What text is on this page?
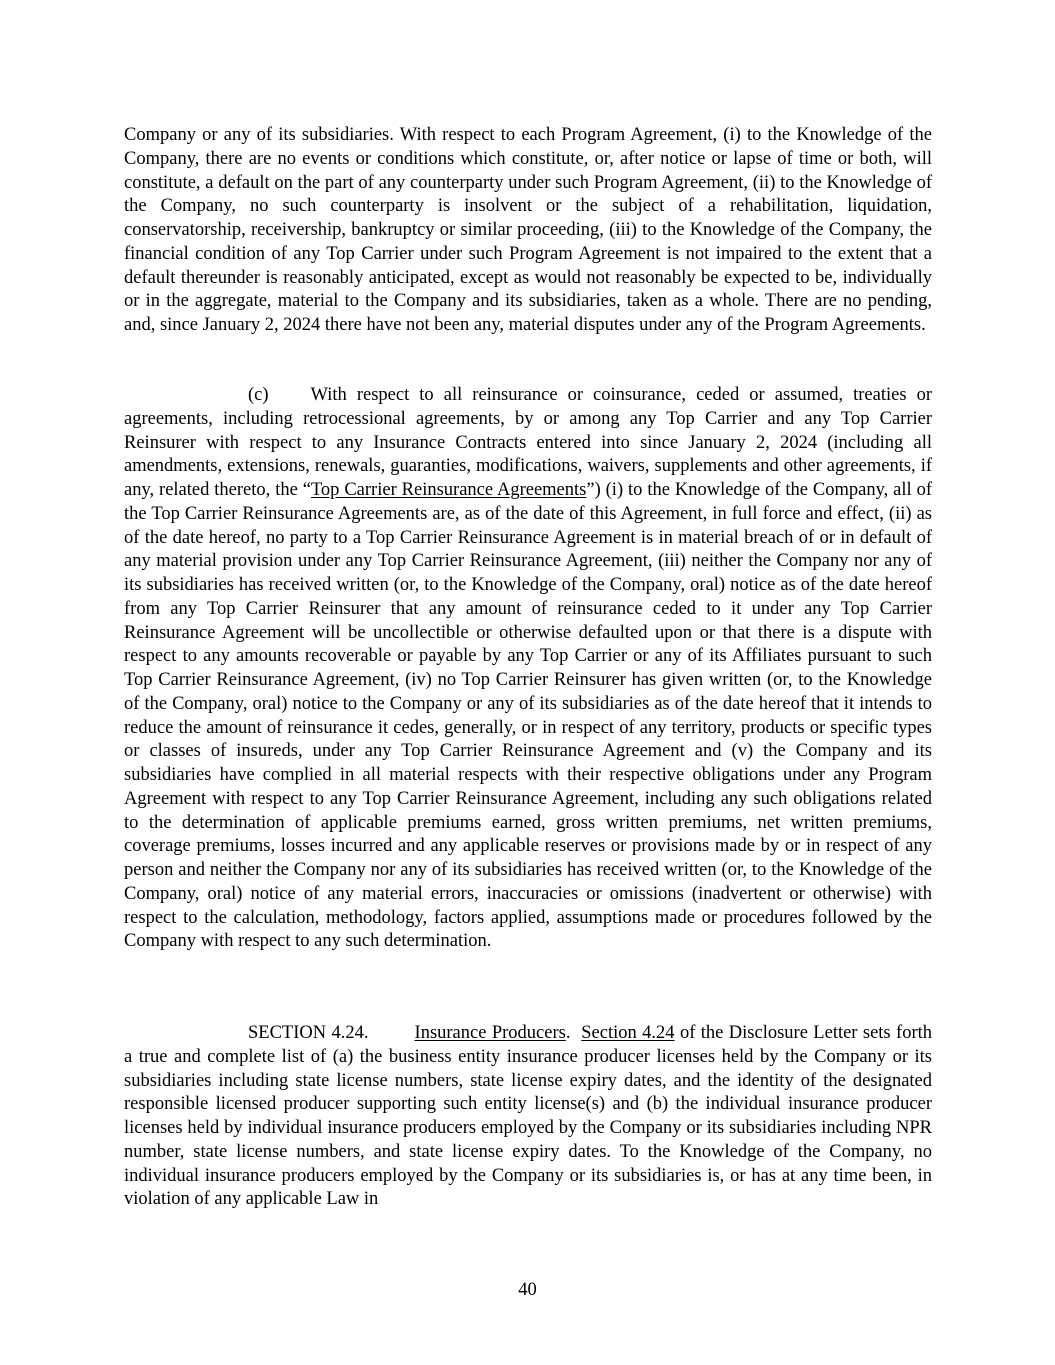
Company or any of its subsidiaries. With respect to each Program Agreement, (i) to the Knowledge of the Company, there are no events or conditions which constitute, or, after notice or lapse of time or both, will constitute, a default on the part of any counterparty under such Program Agreement, (ii) to the Knowledge of the Company, no such counterparty is insolvent or the subject of a rehabilitation, liquidation, conservatorship, receivership, bankruptcy or similar proceeding, (iii) to the Knowledge of the Company, the financial condition of any Top Carrier under such Program Agreement is not impaired to the extent that a default thereunder is reasonably anticipated, except as would not reasonably be expected to be, individually or in the aggregate, material to the Company and its subsidiaries, taken as a whole. There are no pending, and, since January 2, 2024 there have not been any, material disputes under any of the Program Agreements.

(c) With respect to all reinsurance or coinsurance, ceded or assumed, treaties or agreements, including retrocessional agreements, by or among any Top Carrier and any Top Carrier Reinsurer with respect to any Insurance Contracts entered into since January 2, 2024 (including all amendments, extensions, renewals, guaranties, modifications, waivers, supplements and other agreements, if any, related thereto, the “Top Carrier Reinsurance Agreements”) (i) to the Knowledge of the Company, all of the Top Carrier Reinsurance Agreements are, as of the date of this Agreement, in full force and effect, (ii) as of the date hereof, no party to a Top Carrier Reinsurance Agreement is in material breach of or in default of any material provision under any Top Carrier Reinsurance Agreement, (iii) neither the Company nor any of its subsidiaries has received written (or, to the Knowledge of the Company, oral) notice as of the date hereof from any Top Carrier Reinsurer that any amount of reinsurance ceded to it under any Top Carrier Reinsurance Agreement will be uncollectible or otherwise defaulted upon or that there is a dispute with respect to any amounts recoverable or payable by any Top Carrier or any of its Affiliates pursuant to such Top Carrier Reinsurance Agreement, (iv) no Top Carrier Reinsurer has given written (or, to the Knowledge of the Company, oral) notice to the Company or any of its subsidiaries as of the date hereof that it intends to reduce the amount of reinsurance it cedes, generally, or in respect of any territory, products or specific types or classes of insureds, under any Top Carrier Reinsurance Agreement and (v) the Company and its subsidiaries have complied in all material respects with their respective obligations under any Program Agreement with respect to any Top Carrier Reinsurance Agreement, including any such obligations related to the determination of applicable premiums earned, gross written premiums, net written premiums, coverage premiums, losses incurred and any applicable reserves or provisions made by or in respect of any person and neither the Company nor any of its subsidiaries has received written (or, to the Knowledge of the Company, oral) notice of any material errors, inaccuracies or omissions (inadvertent or otherwise) with respect to the calculation, methodology, factors applied, assumptions made or procedures followed by the Company with respect to any such determination.

SECTION 4.24. Insurance Producers. Section 4.24 of the Disclosure Letter sets forth a true and complete list of (a) the business entity insurance producer licenses held by the Company or its subsidiaries including state license numbers, state license expiry dates, and the identity of the designated responsible licensed producer supporting such entity license(s) and (b) the individual insurance producer licenses held by individual insurance producers employed by the Company or its subsidiaries including NPR number, state license numbers, and state license expiry dates. To the Knowledge of the Company, no individual insurance producers employed by the Company or its subsidiaries is, or has at any time been, in violation of any applicable Law in

40
